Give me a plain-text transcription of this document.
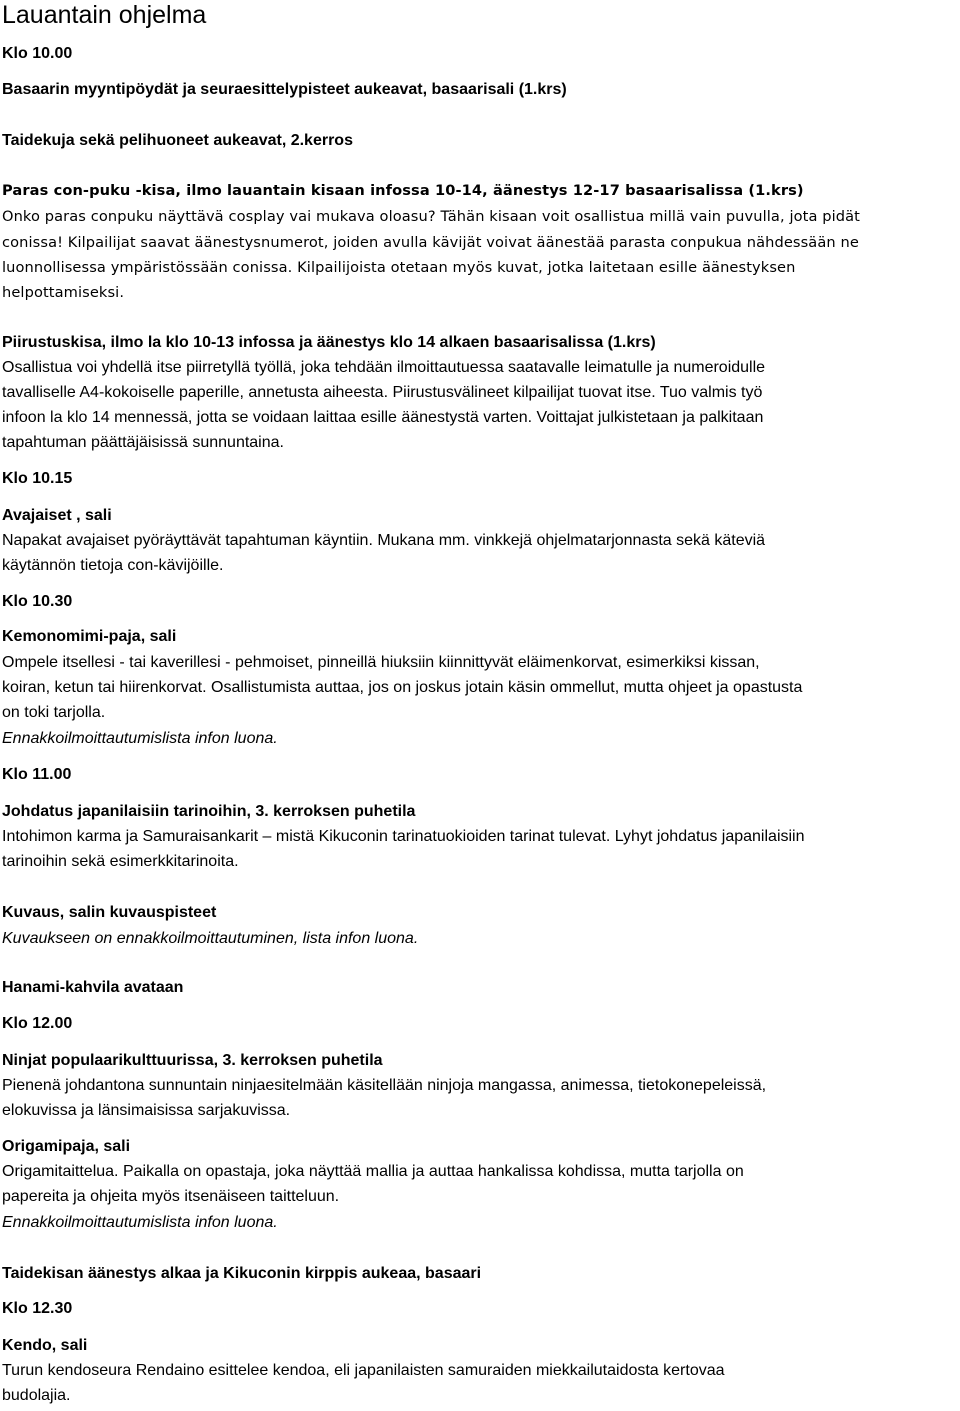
Lauantain ohjelma
Klo 10.00
Basaarin myyntipöydät ja seuraesittelypisteet aukeavat, basaarisali (1.krs)
Taidekuja sekä pelihuoneet aukeavat, 2.kerros
Paras con-puku -kisa, ilmo lauantain kisaan infossa 10-14, äänestys 12-17 basaarisalissa (1.krs)
Onko paras conpuku näyttävä cosplay vai mukava oloasu? Tähän kisaan voit osallistua millä vain puvulla, jota pidät
conissa! Kilpailijat saavat äänestysnumerot, joiden avulla kävijät voivat äänestää parasta conpukua nähdessään ne
luonnollisessa ympäristössään conissa. Kilpailijoista otetaan myös kuvat, jotka laitetaan esille äänestyksen
helpottamiseksi.
Piirustuskisa, ilmo la klo 10-13 infossa ja äänestys klo 14 alkaen basaarisalissa (1.krs)
Osallistua voi yhdellä itse piirretyllä työllä, joka tehdään ilmoittautuessa saatavalle leimatulle ja numeroidulle
tavalliselle A4-kokoiselle paperille, annetusta aiheesta. Piirustusvälineet kilpailijat tuovat itse. Tuo valmis työ
infoon la klo 14 mennessä, jotta se voidaan laittaa esille äänestystä varten. Voittajat julkistetaan ja palkitaan
tapahtuman päättäjäisissä sunnuntaina.
Klo 10.15
Avajaiset , sali
Napakat avajaiset pyöräyttävät tapahtuman käyntiin. Mukana mm. vinkkejä ohjelmatarjonnasta sekä käteviä
käytännön tietoja con-kävijöille.
Klo 10.30
Kemonomimi-paja, sali
Ompele itsellesi - tai kaverillesi - pehmoiset, pinneillä hiuksiin kiinnittyvät eläimenkorvat, esimerkiksi kissan,
koiran, ketun tai hiirenkorvat. Osallistumista auttaa, jos on joskus jotain käsin ommellut, mutta ohjeet ja opastusta
on toki tarjolla.
Ennakkoilmoittautumislista infon luona.
Klo 11.00
Johdatus japanilaisiin tarinoihin, 3. kerroksen puhetila
Intohimon karma ja Samuraisankarit – mistä Kikuconin tarinatuokioiden tarinat tulevat. Lyhyt johdatus japanilaisiin
tarinoihin sekä esimerkkitarinoita.
Kuvaus, salin kuvauspisteet
Kuvaukseen on ennakkoilmoittautuminen, lista infon luona.
Hanami-kahvila avataan
Klo 12.00
Ninjat populaarikulttuurissa, 3. kerroksen puhetila
Pienenä johdantona sunnuntain ninjaesitelmään käsitellään ninjoja mangassa, animessa, tietokonepeleissä,
elokuvissa ja länsimaisissa sarjakuvissa.
Origamipaja, sali
Origamitaittelua. Paikalla on opastaja, joka näyttää mallia ja auttaa hankalissa kohdissa, mutta tarjolla on
papereita ja ohjeita myös itsenäiseen taitteluun.
Ennakkoilmoittautumislista infon luona.
Taidekisan äänestys alkaa ja Kikuconin kirppis aukeaa, basaari
Klo 12.30
Kendo, sali
Turun kendoseura Rendaino esittelee kendoa, eli japanilaisten samuraiden miekkailutaidosta kertovaa
budolajia.
